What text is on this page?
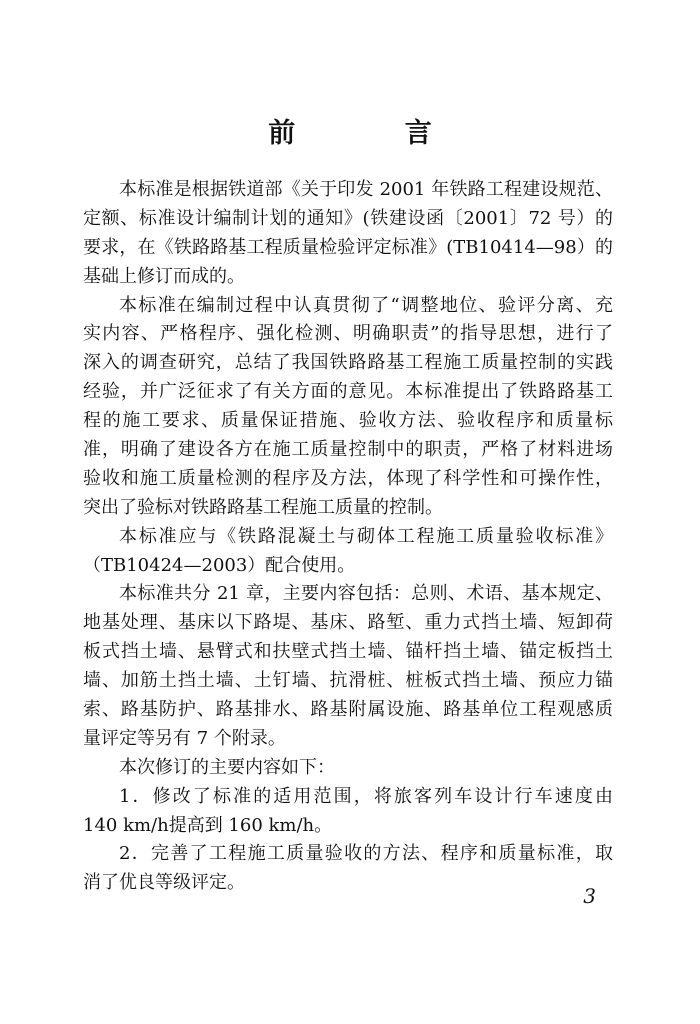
前 言
本标准是根据铁道部《关于印发 2001 年铁路工程建设规范、
定额、标准设计编制计划的通知》(铁建设函〔2001〕72 号）的
要求，在《铁路路基工程质量检验评定标准》(TB10414—98）的
基础上修订而成的。
本标准在编制过程中认真贯彻了“调整地位、验评分离、充
实内容、严格程序、强化检测、明确职责”的指导思想，进行了
深入的调查研究，总结了我国铁路路基工程施工质量控制的实践
经验，并广泛征求了有关方面的意见。本标准提出了铁路路基工
程的施工要求、质量保证措施、验收方法、验收程序和质量标
准，明确了建设各方在施工质量控制中的职责，严格了材料进场
验收和施工质量检测的程序及方法，体现了科学性和可操作性，
突出了验标对铁路路基工程施工质量的控制。
本标准应与《铁路混凝土与砌体工程施工质量验收标准》
（TB10424—2003）配合使用。
本标准共分 21 章，主要内容包括：总则、术语、基本规定、
地基处理、基床以下路堤、基床、路堑、重力式挡土墙、短卸荷
板式挡土墙、悬臂式和扶壁式挡土墙、锚杆挡土墙、锚定板挡土
墙、加筋土挡土墙、土钉墙、抗滑桩、桩板式挡土墙、预应力锚
索、路基防护、路基排水、路基附属设施、路基单位工程观感质
量评定等另有 7 个附录。
本次修订的主要内容如下：
1．修改了标准的适用范围，将旅客列车设计行车速度由
140 km/h提高到 160 km/h。
2．完善了工程施工质量验收的方法、程序和质量标准，取
消了优良等级评定。
3
